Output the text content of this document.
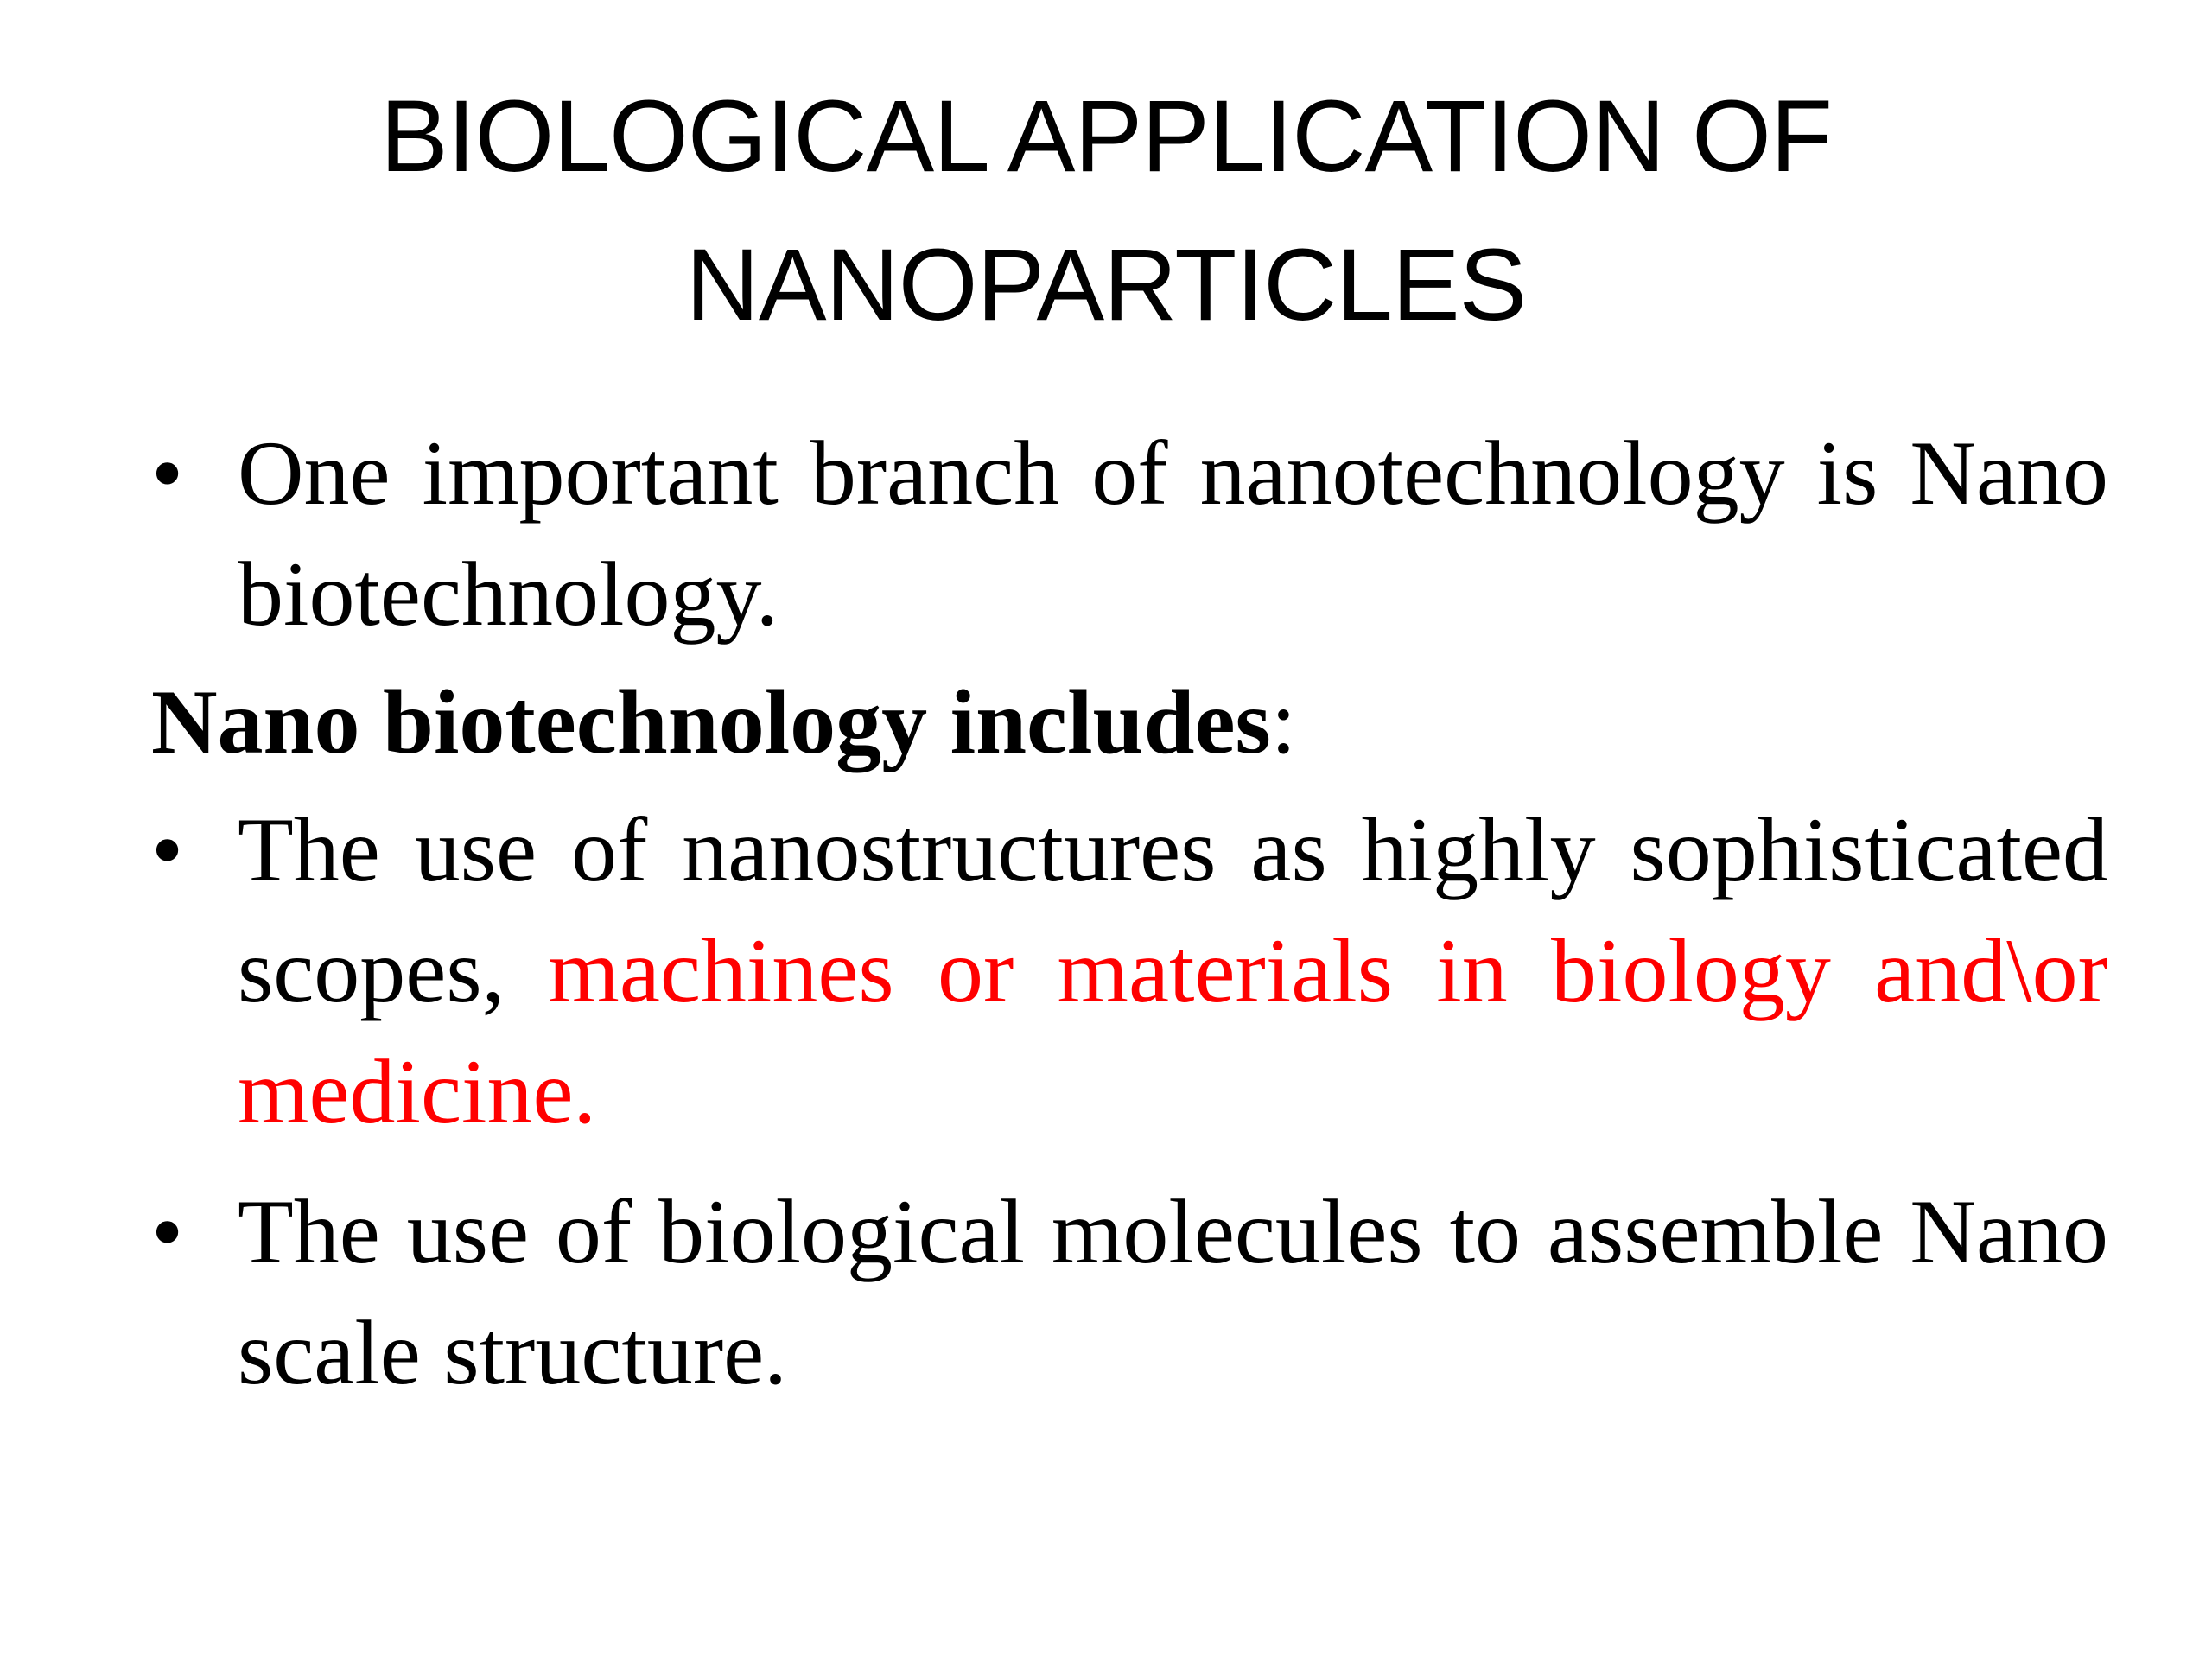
BIOLOGICAL APPLICATION OF
NANOPARTICLES
• One important branch of nanotechnology is Nano biotechnology.
Nano biotechnology includes:
• The use of nanostructures as highly sophisticated scopes, machines or materials in biology and\or medicine.
• The use of biological molecules to assemble Nano scale structure.
